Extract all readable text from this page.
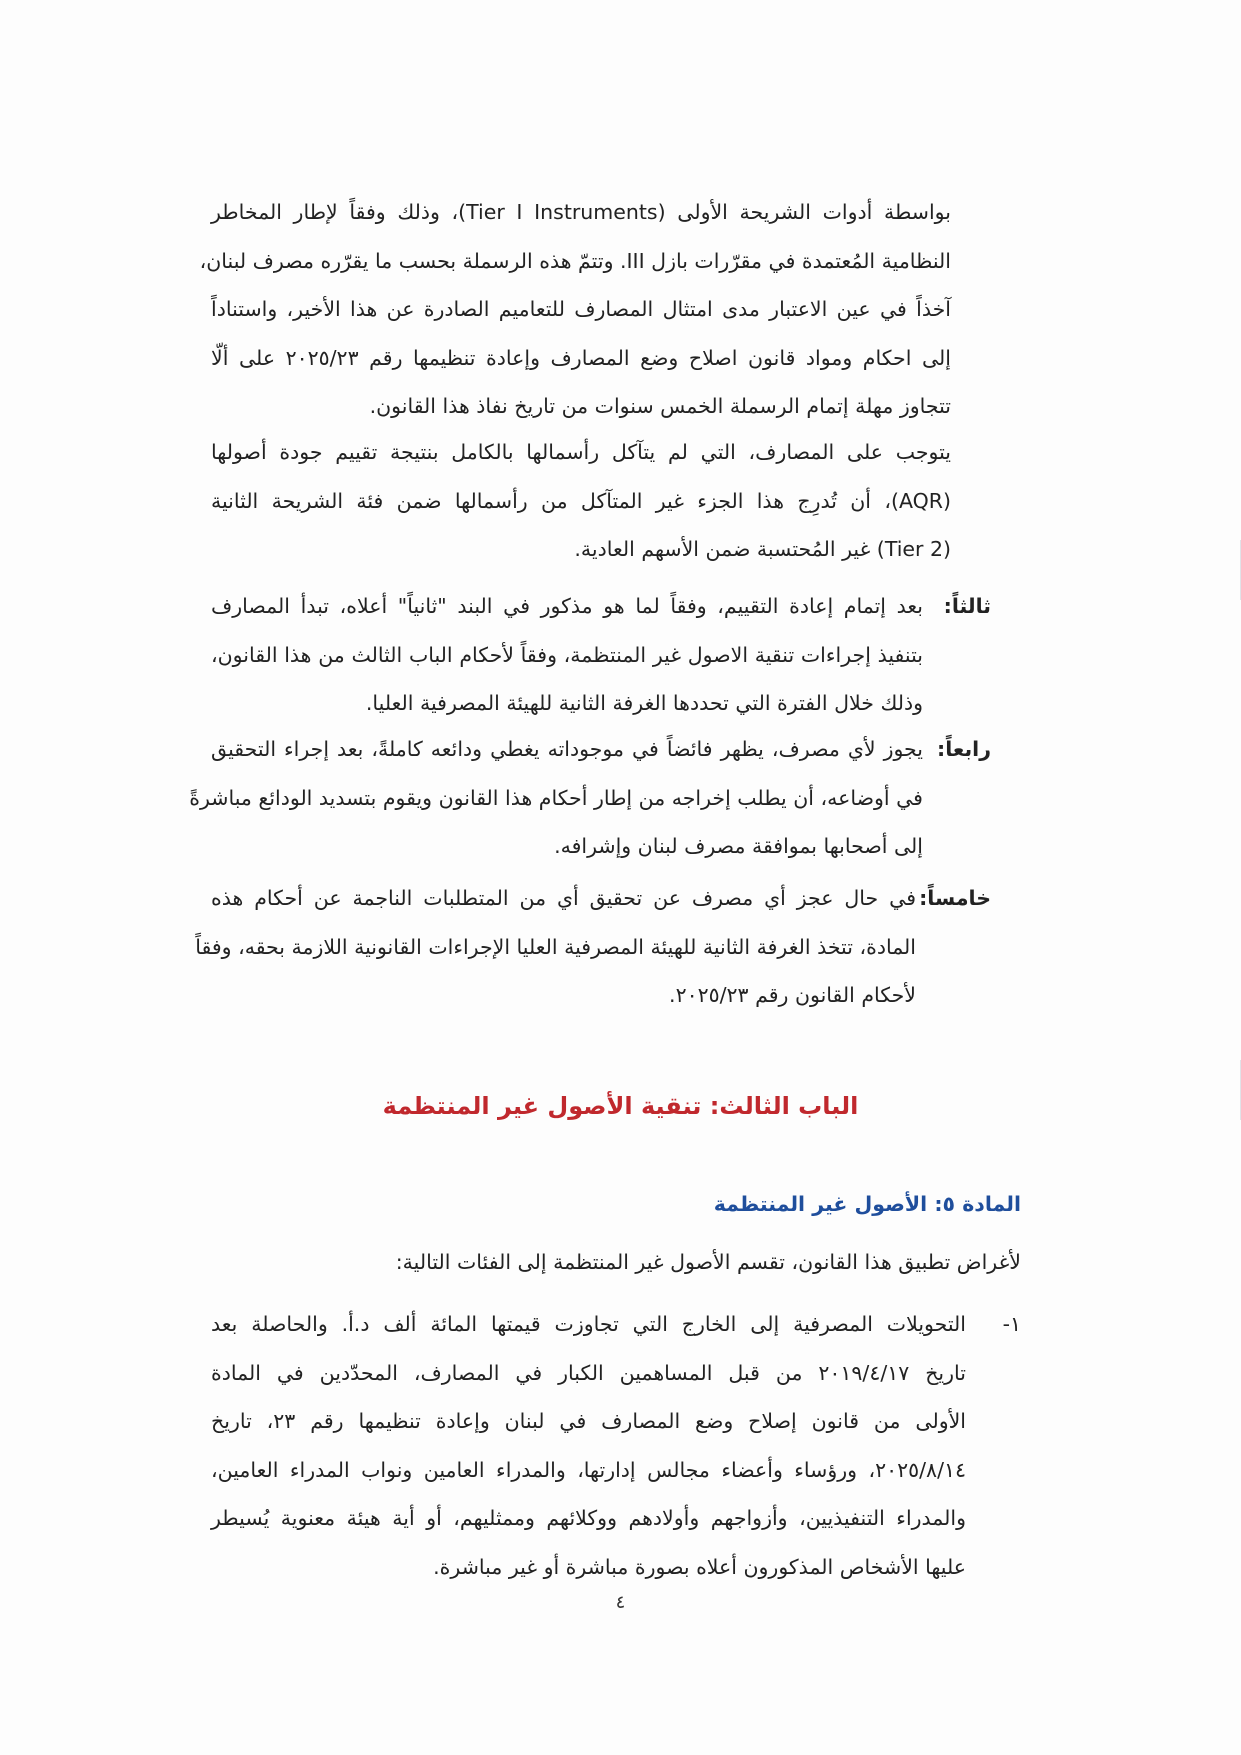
بواسطة أدوات الشريحة الأولى (Tier I Instruments)، وذلك وفقاً لإطار المخاطر
النظامية المُعتمدة في مقرّرات بازل III. وتتمّ هذه الرسملة بحسب ما يقرّره مصرف لبنان،
آخذاً في عين الاعتبار مدى امتثال المصارف للتعاميم الصادرة عن هذا الأخير، واستناداً
إلى احكام ومواد قانون اصلاح وضع المصارف وإعادة تنظيمها رقم ٢٠٢٥/٢٣ على ألّا
تتجاوز مهلة إتمام الرسملة الخمس سنوات من تاريخ نفاذ هذا القانون.
يتوجب على المصارف، التي لم يتآكل رأسمالها بالكامل بنتيجة تقييم جودة أصولها
(AQR)، أن تُدرِج هذا الجزء غير المتآكل من رأسمالها ضمن فئة الشريحة الثانية
(Tier 2) غير المُحتسبة ضمن الأسهم العادية.
ثالثاً:
بعد إتمام إعادة التقييم، وفقاً لما هو مذكور في البند "ثانياً" أعلاه، تبدأ المصارف
بتنفيذ إجراءات تنقية الاصول غير المنتظمة، وفقاً لأحكام الباب الثالث من هذا القانون،
وذلك خلال الفترة التي تحددها الغرفة الثانية للهيئة المصرفية العليا.
رابعاً:
يجوز لأي مصرف، يظهر فائضاً في موجوداته يغطي ودائعه كاملةً، بعد إجراء التحقيق
في أوضاعه، أن يطلب إخراجه من إطار أحكام هذا القانون ويقوم بتسديد الودائع مباشرةً
إلى أصحابها بموافقة مصرف لبنان وإشرافه.
خامساً:
في حال عجز أي مصرف عن تحقيق أي من المتطلبات الناجمة عن أحكام هذه
المادة، تتخذ الغرفة الثانية للهيئة المصرفية العليا الإجراءات القانونية اللازمة بحقه، وفقاً
لأحكام القانون رقم ٢٠٢٥/٢٣.
الباب الثالث: تنقية الأصول غير المنتظمة
المادة ٥: الأصول غير المنتظمة
لأغراض تطبيق هذا القانون، تقسم الأصول غير المنتظمة إلى الفئات التالية:
١-
التحويلات المصرفية إلى الخارج التي تجاوزت قيمتها المائة ألف د.أ. والحاصلة بعد
تاريخ ٢٠١٩/٤/١٧ من قبل المساهمين الكبار في المصارف، المحدّدين في المادة
الأولى من قانون إصلاح وضع المصارف في لبنان وإعادة تنظيمها رقم ٢٣، تاريخ
٢٠٢٥/٨/١٤، ورؤساء وأعضاء مجالس إدارتها، والمدراء العامين ونواب المدراء العامين،
والمدراء التنفيذيين، وأزواجهم وأولادهم ووكلائهم وممثليهم، أو أية هيئة معنوية يُسيطر
عليها الأشخاص المذكورون أعلاه بصورة مباشرة أو غير مباشرة.
٤
